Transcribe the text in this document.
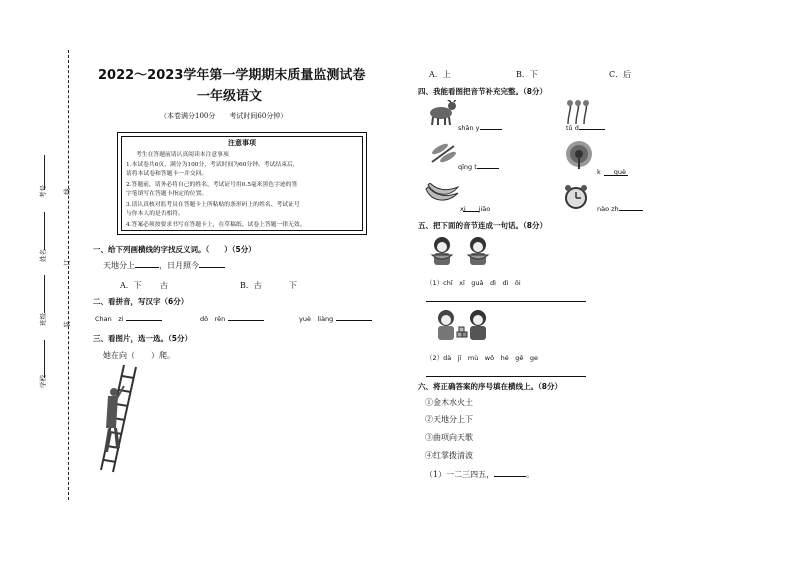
线
订
装
考号
姓名
班级
学校
2022～2023学年第一学期期末质量监测试卷
一年级语文
（本卷满分100分　　考试时间60分钟）
注意事项
考生在答题前请认真阅读本注意事项
1.本试卷共6页，满分为100分，考试时间为60分钟。考试结束后，
请将本试卷和答题卡一并交回。
2.答题前，请务必将自己的姓名、考试证号用0.5毫米黑色字迹的签
字笔填写在答题卡指定的位置。
3.请认真核对监考员在答题卡上所粘贴的条形码上的姓名、考试证号
与你本人的是否相符。
4.答案必须按要求书写在答题卡上，在草稿纸、试卷上答题一律无效。
一、给下列画横线的字找反义词。（　　）（5分）
天地分上	，日月照今
A．下 古	B．古	下
二、看拼音，写汉字（6分）
Chan　zi	dǒ　rěn	yuè　liàng
三、看图片，选一选。（5分）
她在向（　　）爬。
A．上	B．下	C．后
四、我能看图把音节补充完整。（8分）
shān y	tǔ d
qīng t
k　　què
xi　　jiāo	nào zh
五、把下面的音节连成一句话。（8分）
（1）chī　xī　guā　dì　dì　ōi
（2）dà　jī　mù　wǒ　hé　gē　ge
六、将正确答案的序号填在横线上。（8分）
①金木水火土
②天地分上下
③曲项向天歌
④红掌拨清波
（1）一二三四五，	。
